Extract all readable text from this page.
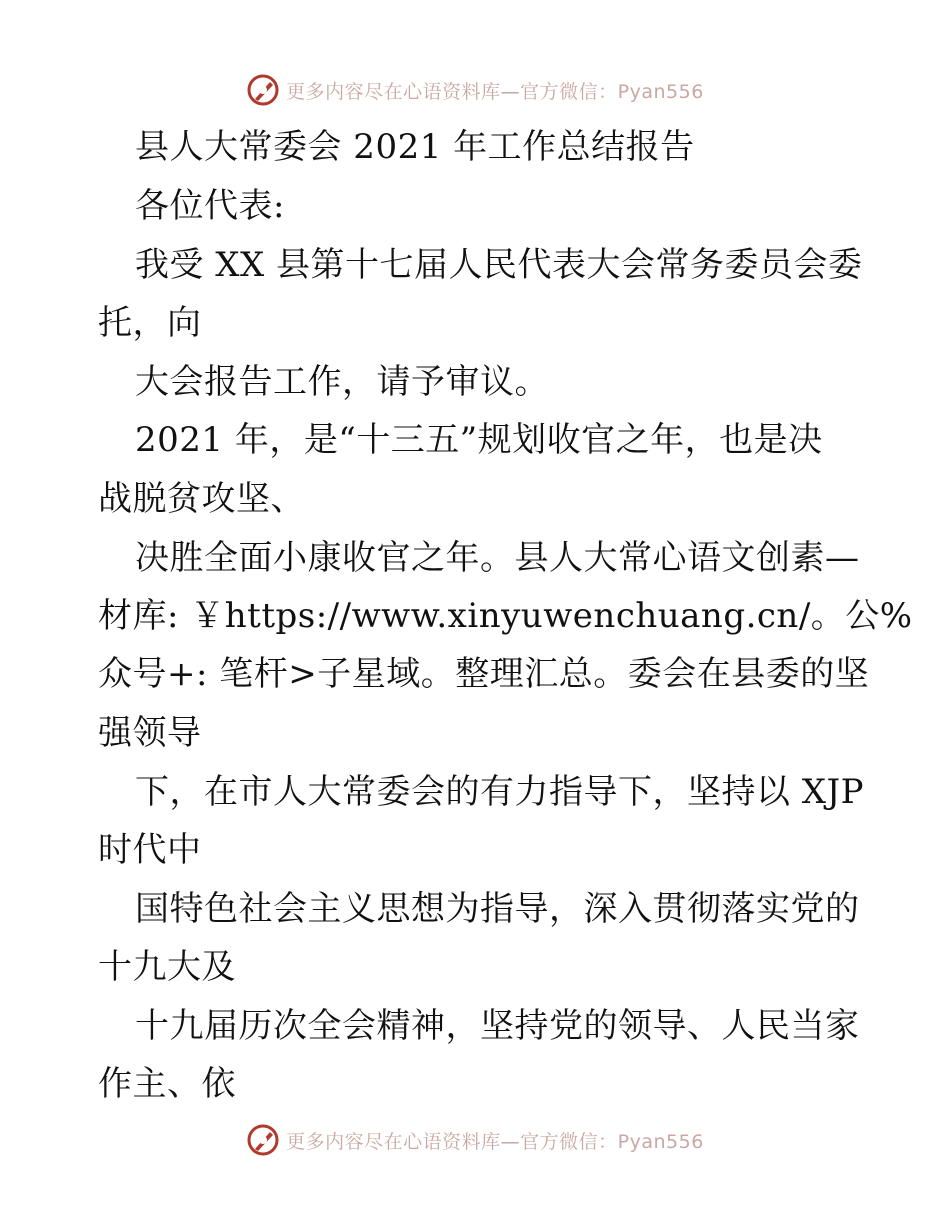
更多内容尽在心语资料库—官方微信：Pyan556
县人大常委会 2021 年工作总结报告
各位代表:
我受 XX 县第十七届人民代表大会常务委员会委
托，向
大会报告工作，请予审议。
2021 年，是“十三五”规划收官之年，也是决
战脱贫攻坚、
决胜全面小康收官之年。县人大常心语文创素—
材库: ￥https://www.xinyuwenchuang.cn/。公%
众号+: 笔杆>子星域。整理汇总。委会在县委的坚
强领导
下，在市人大常委会的有力指导下，坚持以 XJP
时代中
国特色社会主义思想为指导，深入贯彻落实党的
十九大及
十九届历次全会精神，坚持党的领导、人民当家
作主、依
更多内容尽在心语资料库—官方微信：Pyan556
